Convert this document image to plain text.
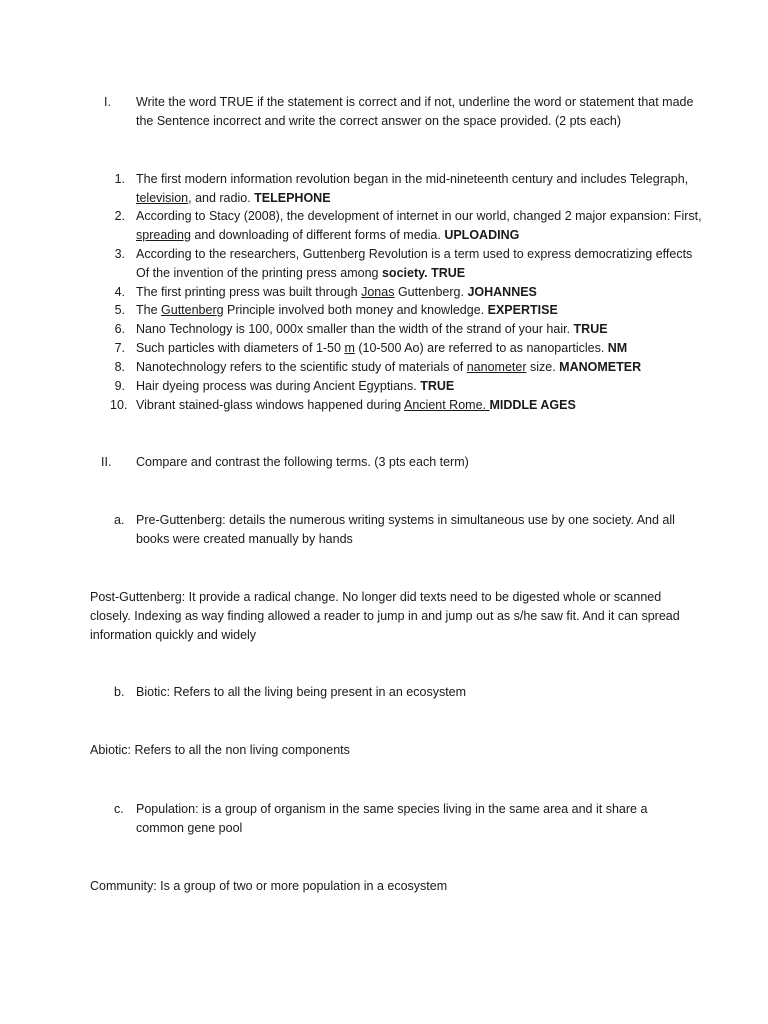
I. Write the word TRUE if the statement is correct and if not, underline the word or statement that made the Sentence incorrect and write the correct answer on the space provided. (2 pts each)
1. The first modern information revolution began in the mid-nineteenth century and includes Telegraph, television, and radio. TELEPHONE
2. According to Stacy (2008), the development of internet in our world, changed 2 major expansion: First, spreading and downloading of different forms of media. UPLOADING
3. According to the researchers, Guttenberg Revolution is a term used to express democratizing effects Of the invention of the printing press among society. TRUE
4. The first printing press was built through Jonas Guttenberg. JOHANNES
5. The Guttenberg Principle involved both money and knowledge. EXPERTISE
6. Nano Technology is 100, 000x smaller than the width of the strand of your hair. TRUE
7. Such particles with diameters of 1-50 m (10-500 Ao) are referred to as nanoparticles. NM
8. Nanotechnology refers to the scientific study of materials of nanometer size. MANOMETER
9. Hair dyeing process was during Ancient Egyptians. TRUE
10. Vibrant stained-glass windows happened during Ancient Rome. MIDDLE AGES
II. Compare and contrast the following terms. (3 pts each term)
a. Pre-Guttenberg: details the numerous writing systems in simultaneous use by one society. And all books were created manually by hands
Post-Guttenberg: It provide a radical change. No longer did texts need to be digested whole or scanned closely. Indexing as way finding allowed a reader to jump in and jump out as s/he saw fit. And it can spread information quickly and widely
b. Biotic: Refers to all the living being present in an ecosystem
Abiotic: Refers to all the non living components
c. Population: is a group of organism in the same species living in the same area and it share a common gene pool
Community: Is a group of two or more population in a ecosystem
